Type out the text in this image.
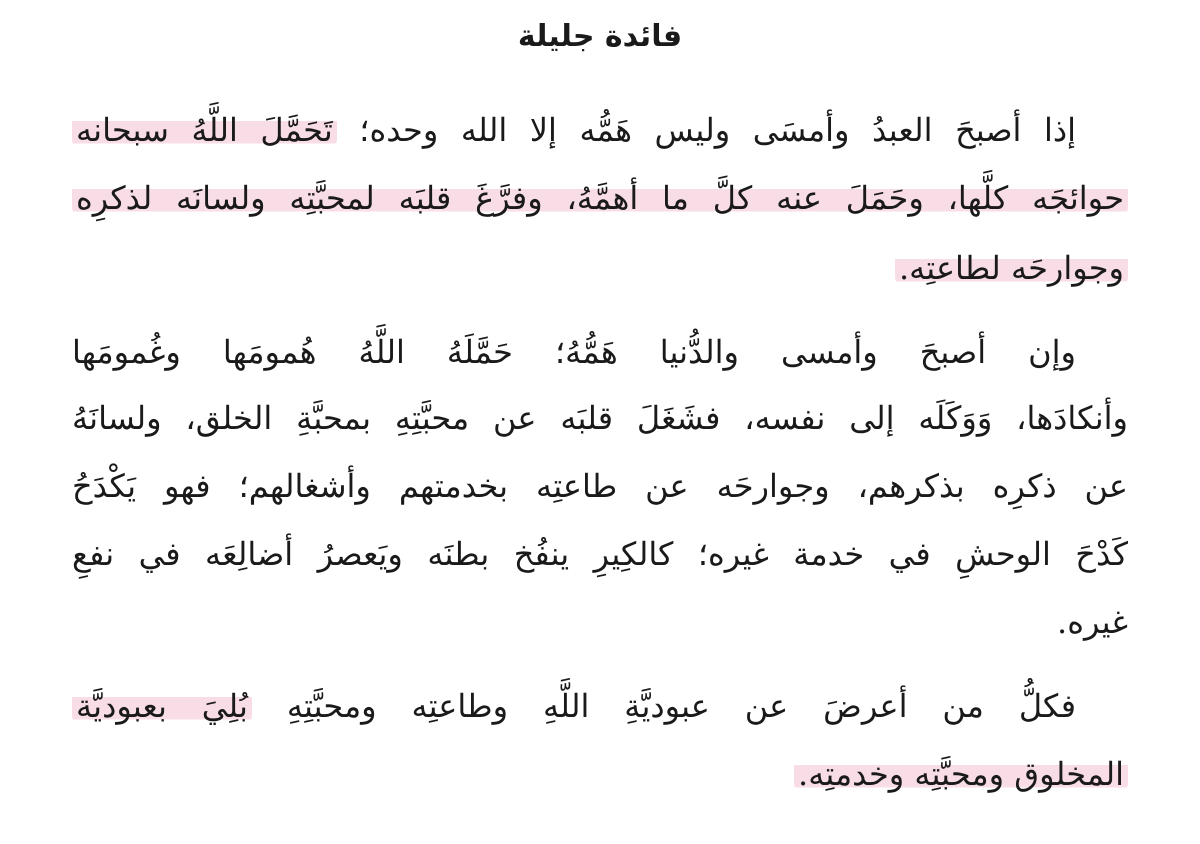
فائدة جليلة
إذا أصبحَ العبدُ وأمسَى وليس هَمُّه إلا الله وحده؛ تَحَمَّلَ اللَّهُ سبحانه
حوائجَه كلَّها، وحَمَلَ عنه كلَّ ما أهمَّهُ، وفرَّغَ قلبَه لمحبَّتِه ولسانَه لذكرِه
وجوارحَه لطاعتِه.
وإن أصبحَ وأمسى والدُّنيا هَمُّهُ؛ حَمَّلَهُ اللَّهُ هُمومَها وغُمومَها
وأنكادَها، وَوَكَلَه إلى نفسه، فشَغَلَ قلبَه عن محبَّتِهِ بمحبَّةِ الخلق، ولسانَهُ
عن ذكرِه بذكرهم، وجوارحَه عن طاعتِه بخدمتهم وأشغالهم؛ فهو يَكْدَحُ
كَدْحَ الوحشِ في خدمة غيره؛ كالكِيرِ ينفُخ بطنَه ويَعصرُ أضالِعَه في نفعِ
غيره.
فكلُّ من أعرضَ عن عبوديَّةِ اللَّهِ وطاعتِه ومحبَّتِهِ بُلِيَ بعبوديَّة
المخلوق ومحبَّتِه وخدمتِه.
